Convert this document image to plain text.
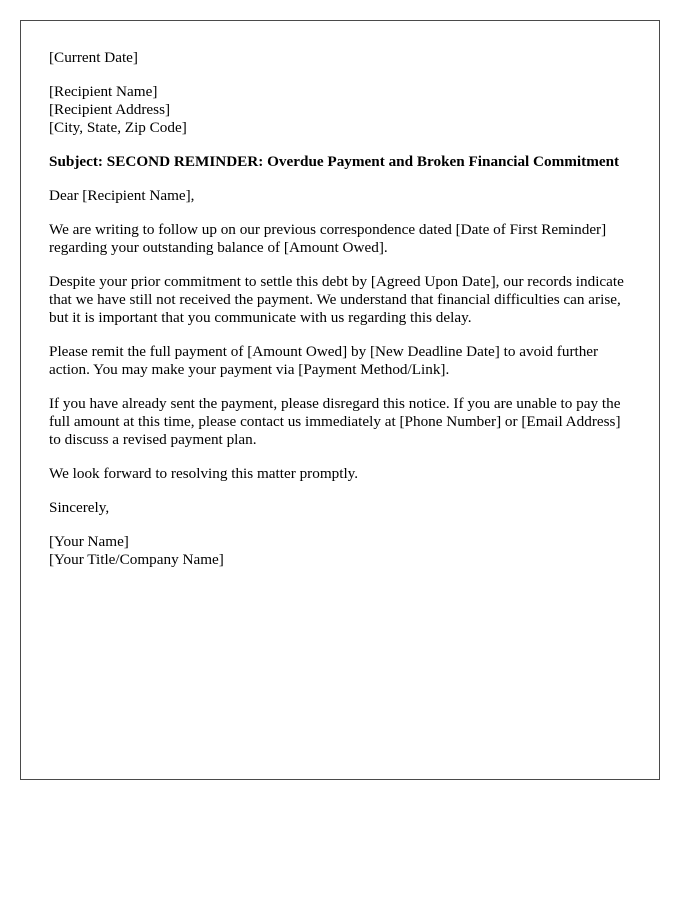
[Current Date]

[Recipient Name]
[Recipient Address]
[City, State, Zip Code]

Subject: SECOND REMINDER: Overdue Payment and Broken Financial Commitment

Dear [Recipient Name],

We are writing to follow up on our previous correspondence dated [Date of First Reminder] regarding your outstanding balance of [Amount Owed].

Despite your prior commitment to settle this debt by [Agreed Upon Date], our records indicate that we have still not received the payment. We understand that financial difficulties can arise, but it is important that you communicate with us regarding this delay.

Please remit the full payment of [Amount Owed] by [New Deadline Date] to avoid further action. You may make your payment via [Payment Method/Link].

If you have already sent the payment, please disregard this notice. If you are unable to pay the full amount at this time, please contact us immediately at [Phone Number] or [Email Address] to discuss a revised payment plan.

We look forward to resolving this matter promptly.

Sincerely,

[Your Name]
[Your Title/Company Name]
